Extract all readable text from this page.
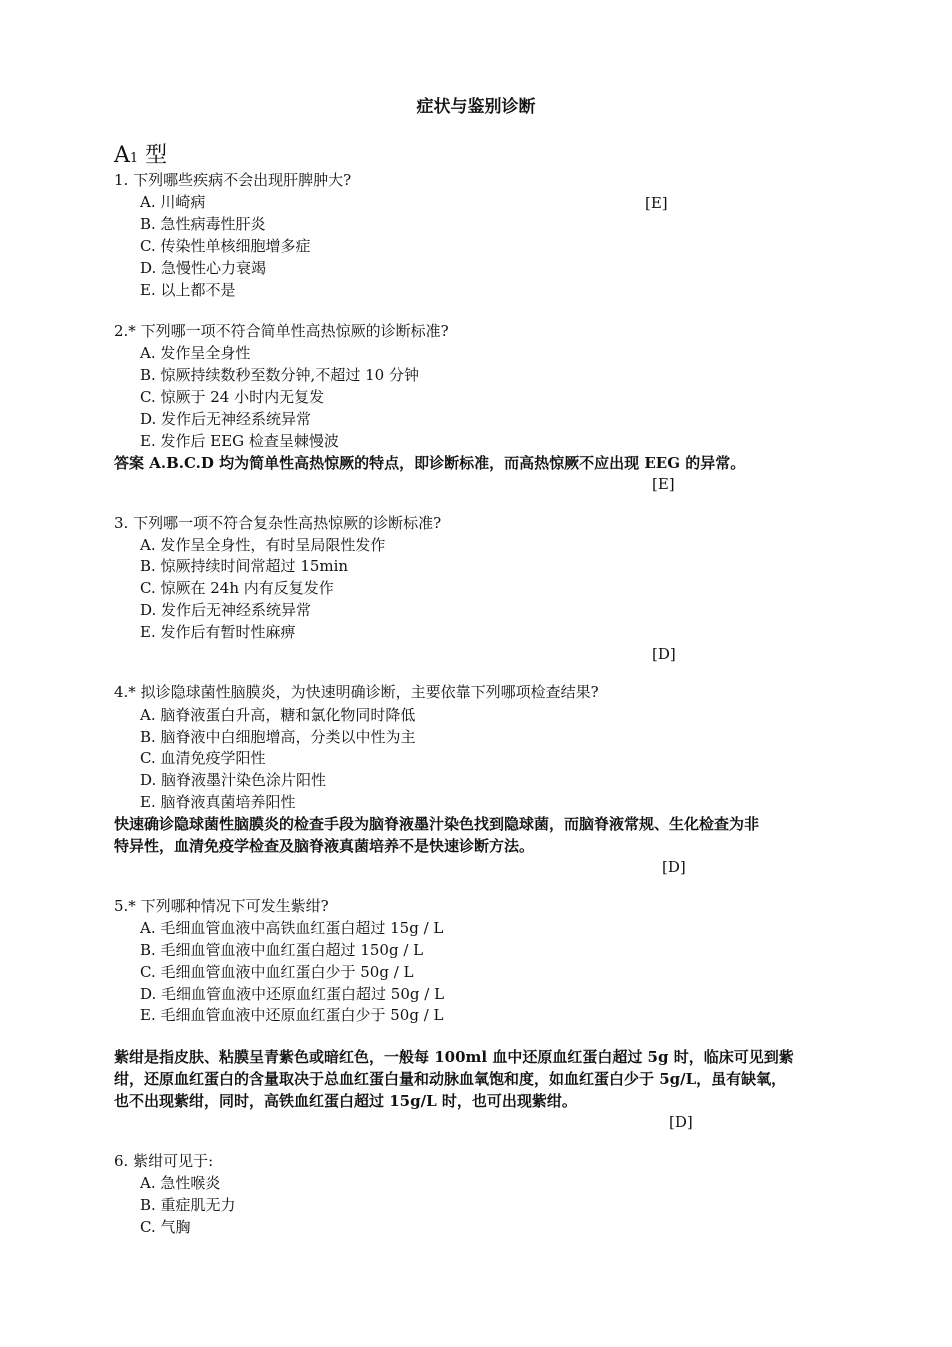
症状与鉴别诊断
A1 型
1. 下列哪些疾病不会出现肝脾肿大?
A. 川崎病	[E]
B. 急性病毒性肝炎
C. 传染性单核细胞增多症
D. 急慢性心力衰竭
E. 以上都不是
2.* 下列哪一项不符合简单性高热惊厥的诊断标准?
A. 发作呈全身性
B. 惊厥持续数秒至数分钟,不超过 10 分钟
C. 惊厥于 24 小时内无复发
D. 发作后无神经系统异常
E. 发作后 EEG 检查呈棘慢波
答案 A.B.C.D 均为简单性高热惊厥的特点，即诊断标准，而高热惊厥不应出现 EEG 的异常。
[E]
3. 下列哪一项不符合复杂性高热惊厥的诊断标准?
A. 发作呈全身性，有时呈局限性发作
B. 惊厥持续时间常超过 15min
C. 惊厥在 24h 内有反复发作
D. 发作后无神经系统异常
E. 发作后有暂时性麻痹
[D]
4.* 拟诊隐球菌性脑膜炎，为快速明确诊断，主要依靠下列哪项检查结果?
A. 脑脊液蛋白升高，糖和氯化物同时降低
B. 脑脊液中白细胞增高，分类以中性为主
C. 血清免疫学阳性
D. 脑脊液墨汁染色涂片阳性
E. 脑脊液真菌培养阳性
快速确诊隐球菌性脑膜炎的检查手段为脑脊液墨汁染色找到隐球菌，而脑脊液常规、生化检查为非
特异性，血清免疫学检查及脑脊液真菌培养不是快速诊断方法。
[D]
5.* 下列哪种情况下可发生紫绀?
A. 毛细血管血液中高铁血红蛋白超过 15g / L
B. 毛细血管血液中血红蛋白超过 150g / L
C. 毛细血管血液中血红蛋白少于 50g / L
D. 毛细血管血液中还原血红蛋白超过 50g / L
E. 毛细血管血液中还原血红蛋白少于 50g / L
紫绀是指皮肤、粘膜呈青紫色或暗红色，一般每 100ml 血中还原血红蛋白超过 5g 时，临床可见到紫
绀，还原血红蛋白的含量取决于总血红蛋白量和动脉血氧饱和度，如血红蛋白少于 5g/L，虽有缺氧，
也不出现紫绀，同时，高铁血红蛋白超过 15g/L 时，也可出现紫绀。
[D]
6. 紫绀可见于:
A. 急性喉炎
B. 重症肌无力
C. 气胸
